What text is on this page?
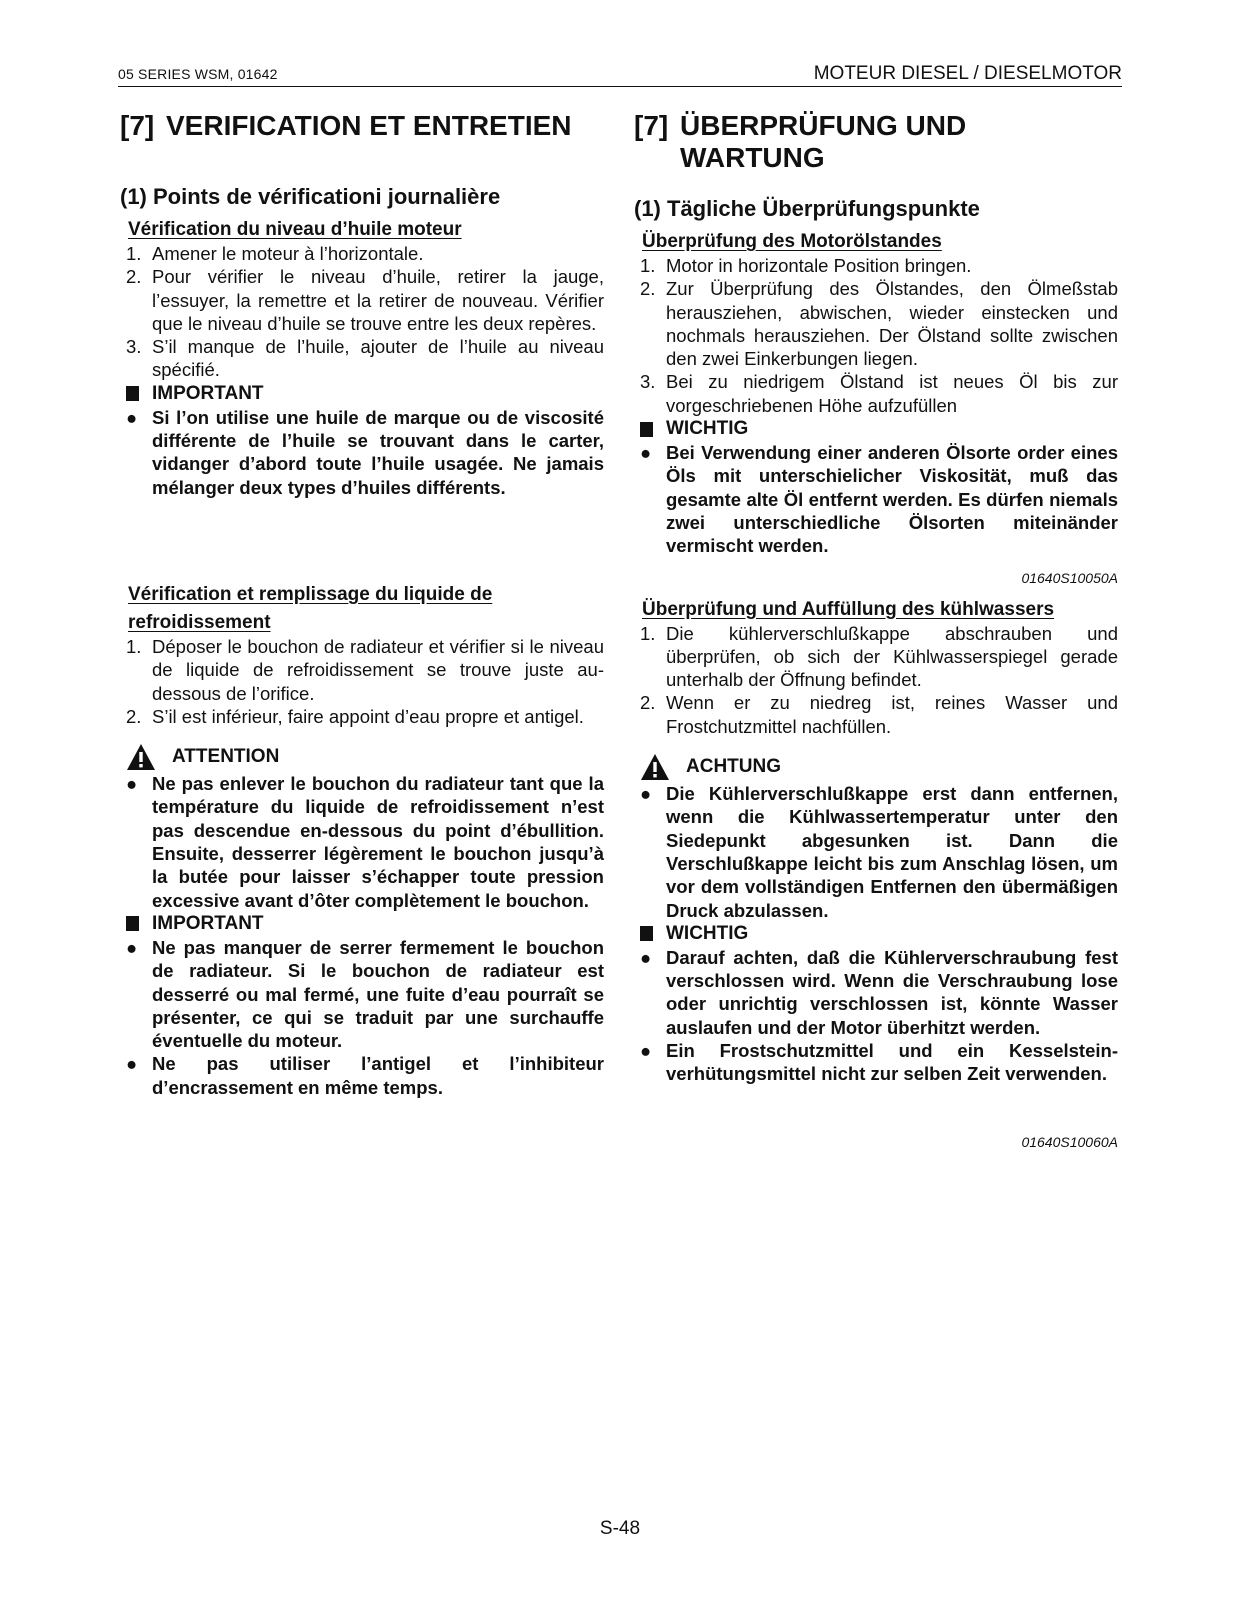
05 SERIES WSM, 01642	MOTEUR DIESEL / DIESELMOTOR
[7] VERIFICATION ET ENTRETIEN
(1) Points de vérificationi journalière
Vérification du niveau d’huile moteur
1. Amener le moteur à l’horizontale.
2. Pour vérifier le niveau d’huile, retirer la jauge, l’essuyer, la remettre et la retirer de nouveau. Vérifier que le niveau d’huile se trouve entre les deux repères.
3. S’il manque de l’huile, ajouter de l’huile au niveau spécifié.
IMPORTANT
● Si l’on utilise une huile de marque ou de viscosité différente de l’huile se trouvant dans le carter, vidanger d’abord toute l’huile usagée. Ne jamais mélanger deux types d’huiles différents.
Vérification et remplissage du liquide de
refroidissement
1. Déposer le bouchon de radiateur et vérifier si le niveau de liquide de refroidissement se trouve juste au-dessous de l’orifice.
2. S’il est inférieur, faire appoint d’eau propre et antigel.
ATTENTION
● Ne pas enlever le bouchon du radiateur tant que la température du liquide de refroidissement n’est pas descendue en-dessous du point d’ébullition. Ensuite, desserrer légèrement le bouchon jusqu’à la butée pour laisser s’échapper toute pression excessive avant d’ôter complètement le bouchon.
IMPORTANT
● Ne pas manquer de serrer fermement le bouchon de radiateur. Si le bouchon de radiateur est desserré ou mal fermé, une fuite d’eau pourraît se présenter, ce qui se traduit par une surchauffe éventuelle du moteur.
● Ne pas utiliser l’antigel et l’inhibiteur d’encrassement en même temps.
[7] ÜBERPRÜFUNG UND
WARTUNG
(1) Tägliche Überprüfungspunkte
Überprüfung des Motorölstandes
1. Motor in horizontale Position bringen.
2. Zur Überprüfung des Ölstandes, den Ölmeßstab herausziehen, abwischen, wieder einstecken und nochmals herausziehen. Der Ölstand sollte zwischen den zwei Einkerbungen liegen.
3. Bei zu niedrigem Ölstand ist neues Öl bis zur vorgeschriebenen Höhe aufzufüllen
WICHTIG
● Bei Verwendung einer anderen Ölsorte order eines Öls mit unterschielicher Viskosität, muß das gesamte alte Öl entfernt werden. Es dürfen niemals zwei unterschiedliche Ölsorten miteinänder vermischt werden.
01640S10050A
Überprüfung und Auffüllung des kühlwassers
1. Die kühlerverschlußkappe abschrauben und überprüfen, ob sich der Kühlwasserspiegel gerade unterhalb der Öffnung befindet.
2. Wenn er zu niedreg ist, reines Wasser und Frostchutzmittel nachfüllen.
ACHTUNG
● Die Kühlerverschlußkappe erst dann entfernen, wenn die Kühlwassertemperatur unter den Siedepunkt abgesunken ist. Dann die Verschlußkappe leicht bis zum Anschlag lösen, um vor dem vollständigen Entfernen den übermäßigen Druck abzulassen.
WICHTIG
● Darauf achten, daß die Kühlerverschraubung fest verschlossen wird. Wenn die Verschraubung lose oder unrichtig verschlossen ist, könnte Wasser auslaufen und der Motor überhitzt werden.
● Ein Frostschutzmittel und ein Kesselstein-verhütungsmittel nicht zur selben Zeit verwenden.
01640S10060A
S-48
